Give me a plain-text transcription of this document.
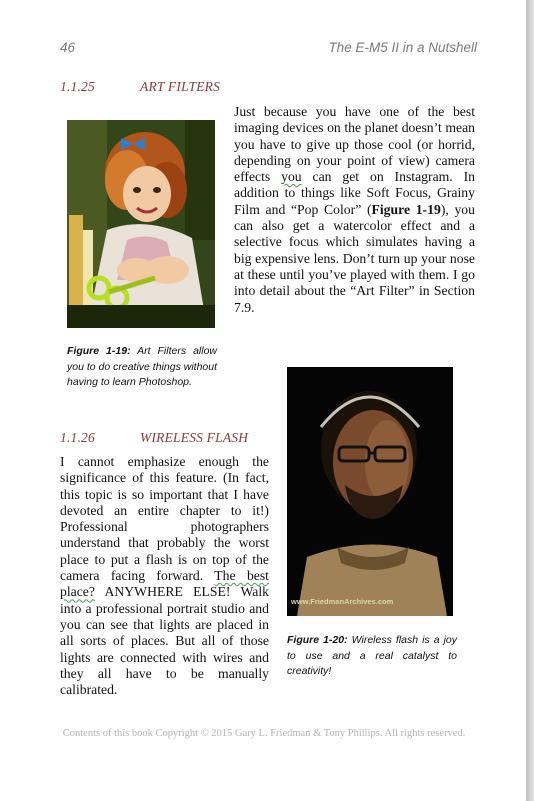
46	The E-M5 II in a Nutshell
1.1.25	ART FILTERS
Just because you have one of the best imaging devices on the planet doesn’t mean you have to give up those cool (or horrid, depending on your point of view) camera effects you can get on Instagram. In addition to things like Soft Focus, Grainy Film and “Pop Color” (Figure 1-19), you can also get a watercolor effect and a selective focus which simulates having a big expensive lens. Don’t turn up your nose at these until you’ve played with them. I go into detail about the “Art Filter” in Section 7.9.
Figure 1-19: Art Filters allow you to do creative things without having to learn Photoshop.
1.1.26	WIRELESS FLASH
I cannot emphasize enough the significance of this feature. (In fact, this topic is so important that I have devoted an entire chapter to it!) Professional photographers understand that probably the worst place to put a flash is on top of the camera facing forward. The best place? ANYWHERE ELSE! Walk into a professional portrait studio and you can see that lights are placed in all sorts of places. But all of those lights are connected with wires and they all have to be manually calibrated.
www.FriedmanArchives.com
Figure 1-20: Wireless flash is a joy to use and a real catalyst to creativity!
Contents of this book Copyright © 2015 Gary L. Friedman & Tony Phillips. All rights reserved.
